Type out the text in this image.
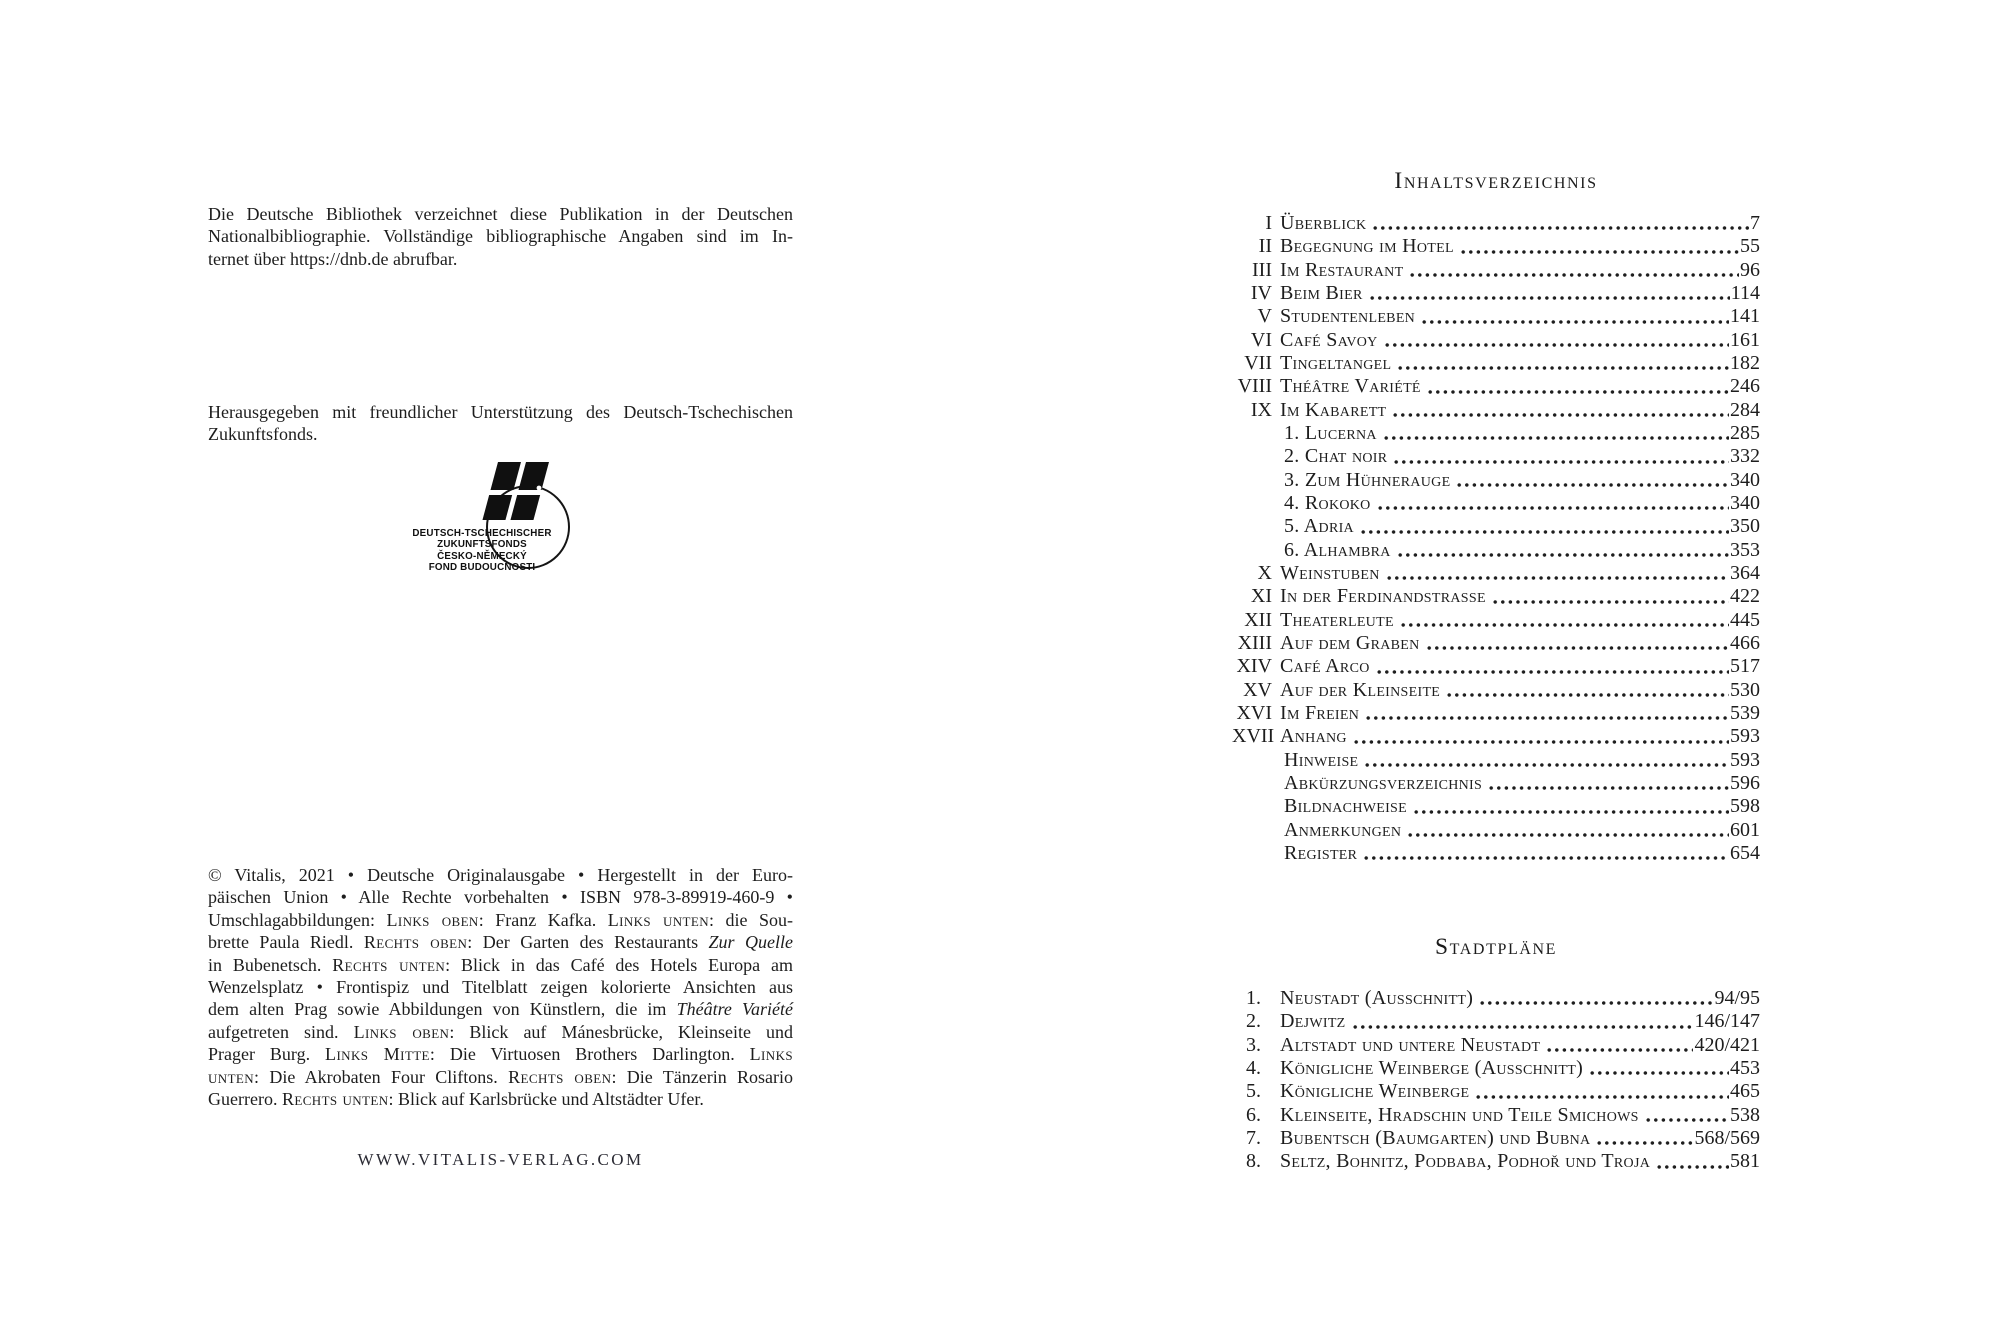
Die Deutsche Bibliothek verzeichnet diese Publikation in der Deutschen
Nationalbibliographie. Vollständige bibliographische Angaben sind im In-
ternet über https://dnb.de abrufbar.
Herausgegeben mit freundlicher Unterstützung des Deutsch-Tschechischen
Zukunftsfonds.
DEUTSCH-TSCHECHISCHER
ZUKUNFTSFONDS
ČESKO-NĚMECKÝ
FOND BUDOUCNOSTI
© Vitalis, 2021 • Deutsche Originalausgabe • Hergestellt in der Euro-
päischen Union • Alle Rechte vorbehalten • ISBN 978-3-89919-460-9 •
Umschlagabbildungen: Links oben: Franz Kafka. Links unten: die Sou-
brette Paula Riedl. Rechts oben: Der Garten des Restaurants Zur Quelle
in Bubenetsch. Rechts unten: Blick in das Café des Hotels Europa am
Wenzelsplatz • Frontispiz und Titelblatt zeigen kolorierte Ansichten aus
dem alten Prag sowie Abbildungen von Künstlern, die im Théâtre Variété
aufgetreten sind. Links oben: Blick auf Mánesbrücke, Kleinseite und
Prager Burg. Links Mitte: Die Virtuosen Brothers Darlington. Links
unten: Die Akrobaten Four Cliftons. Rechts oben: Die Tänzerin Rosario
Guerrero. Rechts unten: Blick auf Karlsbrücke und Altstädter Ufer.
WWW.VITALIS-VERLAG.COM
Inhaltsverzeichnis
I Überblick	7
II Begegnung im Hotel	55
III Im Restaurant	96
IV Beim Bier	114
V Studentenleben	141
VI Café Savoy	161
VII Tingeltangel	182
VIII Théâtre Variété	246
IX Im Kabarett	284
1. Lucerna	285
2. Chat noir	332
3. Zum Hühnerauge	340
4. Rokoko	340
5. Adria	350
6. Alhambra	353
X Weinstuben	364
XI In der Ferdinandstrasse	422
XII Theaterleute	445
XIII Auf dem Graben	466
XIV Café Arco	517
XV Auf der Kleinseite	530
XVI Im Freien	539
XVII Anhang	593
Hinweise	593
Abkürzungsverzeichnis	596
Bildnachweise	598
Anmerkungen	601
Register	654
Stadtpläne
1. Neustadt (Ausschnitt)	94/95
2. Dejwitz	146/147
3. Altstadt und untere Neustadt	420/421
4. Königliche Weinberge (Ausschnitt)	453
5. Königliche Weinberge	465
6. Kleinseite, Hradschin und Teile Smichows	538
7. Bubentsch (Baumgarten) und Bubna	568/569
8. Seltz, Bohnitz, Podbaba, Podhoř und Troja	581
